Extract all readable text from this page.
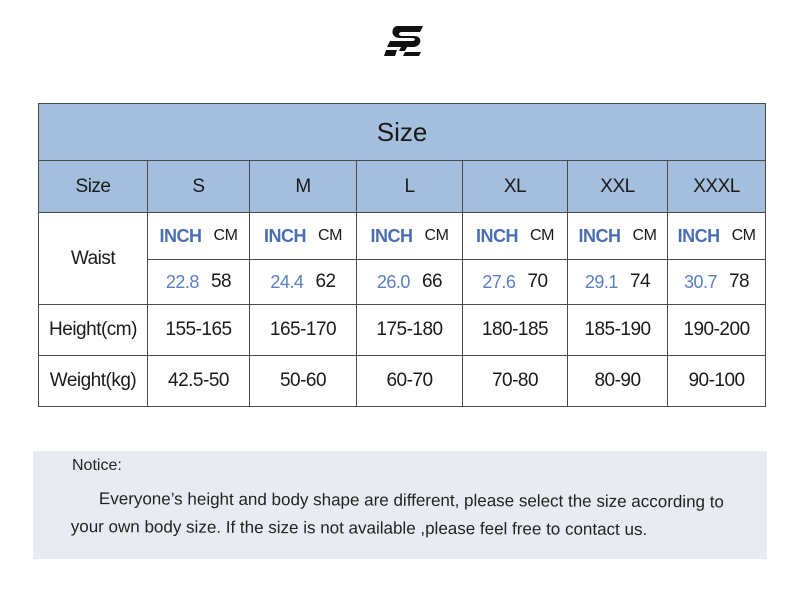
Size						
Size	S	M	L	XL	XXL	XXXL
Waist	INCH CM	INCH CM	INCH CM	INCH CM	INCH CM	INCH CM

	22.8 58	24.4 62	26.0 66	27.6 70	29.1 74	30.7 78

Height(cm)	155-165	165-170	175-180	180-185	185-190	190-200
Weight(kg)	42.5-50	50-60	60-70	70-80	80-90	90-100
Notice:
Everyone’s height and body shape are different, please select the size according to your own body size. If the size is not available ,please feel free to contact us.
